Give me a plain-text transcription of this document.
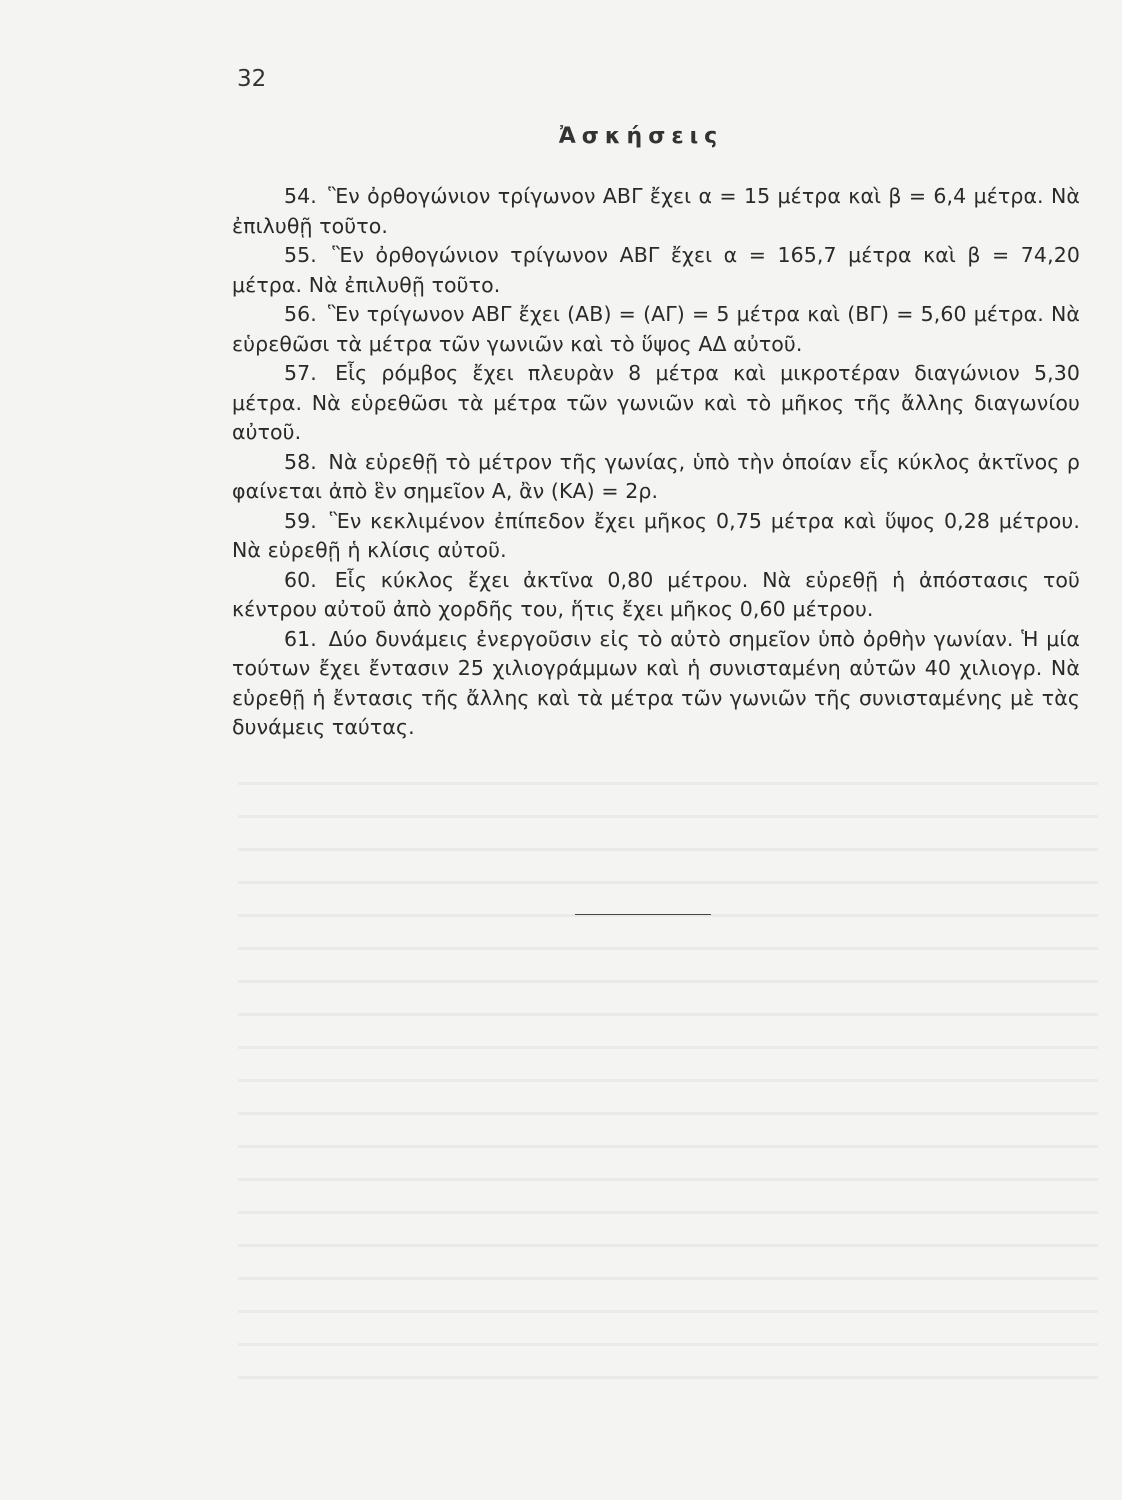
32
Ἀσκήσεις

54. Ἓν ὀρθογώνιον τρίγωνον ΑΒΓ ἔχει α = 15 μέτρα καὶ β = 6,4 μέτρα. Νὰ ἐπιλυθῇ τοῦτο.

55. Ἓν ὀρθογώνιον τρίγωνον ΑΒΓ ἔχει α = 165,7 μέτρα καὶ β = 74,20 μέτρα. Νὰ ἐπιλυθῇ τοῦτο.

56. Ἓν τρίγωνον ΑΒΓ ἔχει (ΑΒ) = (ΑΓ) = 5 μέτρα καὶ (ΒΓ) = 5,60 μέτρα. Νὰ εὑρεθῶσι τὰ μέτρα τῶν γωνιῶν καὶ τὸ ὕψος ΑΔ αὐτοῦ.

57. Εἷς ρόμβος ἔχει πλευρὰν 8 μέτρα καὶ μικροτέραν διαγώνιον 5,30 μέτρα. Νὰ εὑρεθῶσι τὰ μέτρα τῶν γωνιῶν καὶ τὸ μῆκος τῆς ἄλλης διαγωνίου αὐτοῦ.

58. Νὰ εὑρεθῇ τὸ μέτρον τῆς γωνίας, ὑπὸ τὴν ὁποίαν εἷς κύκλος ἀκτῖνος ρ φαίνεται ἀπὸ ἓν σημεῖον Α, ἂν (ΚΑ) = 2ρ.

59. Ἓν κεκλιμένον ἐπίπεδον ἔχει μῆκος 0,75 μέτρα καὶ ὕψος 0,28 μέτρου. Νὰ εὑρεθῇ ἡ κλίσις αὐτοῦ.

60. Εἷς κύκλος ἔχει ἀκτῖνα 0,80 μέτρου. Νὰ εὑρεθῇ ἡ ἀπόστασις τοῦ κέντρου αὐτοῦ ἀπὸ χορδῆς του, ἥτις ἔχει μῆκος 0,60 μέτρου.

61. Δύο δυνάμεις ἐνεργοῦσιν εἰς τὸ αὐτὸ σημεῖον ὑπὸ ὀρθὴν γωνίαν. Ἡ μία τούτων ἔχει ἔντασιν 25 χιλιογράμμων καὶ ἡ συνισταμένη αὐτῶν 40 χιλιογρ. Νὰ εὑρεθῇ ἡ ἔντασις τῆς ἄλλης καὶ τὰ μέτρα τῶν γωνιῶν τῆς συνισταμένης μὲ τὰς δυνάμεις ταύτας.
